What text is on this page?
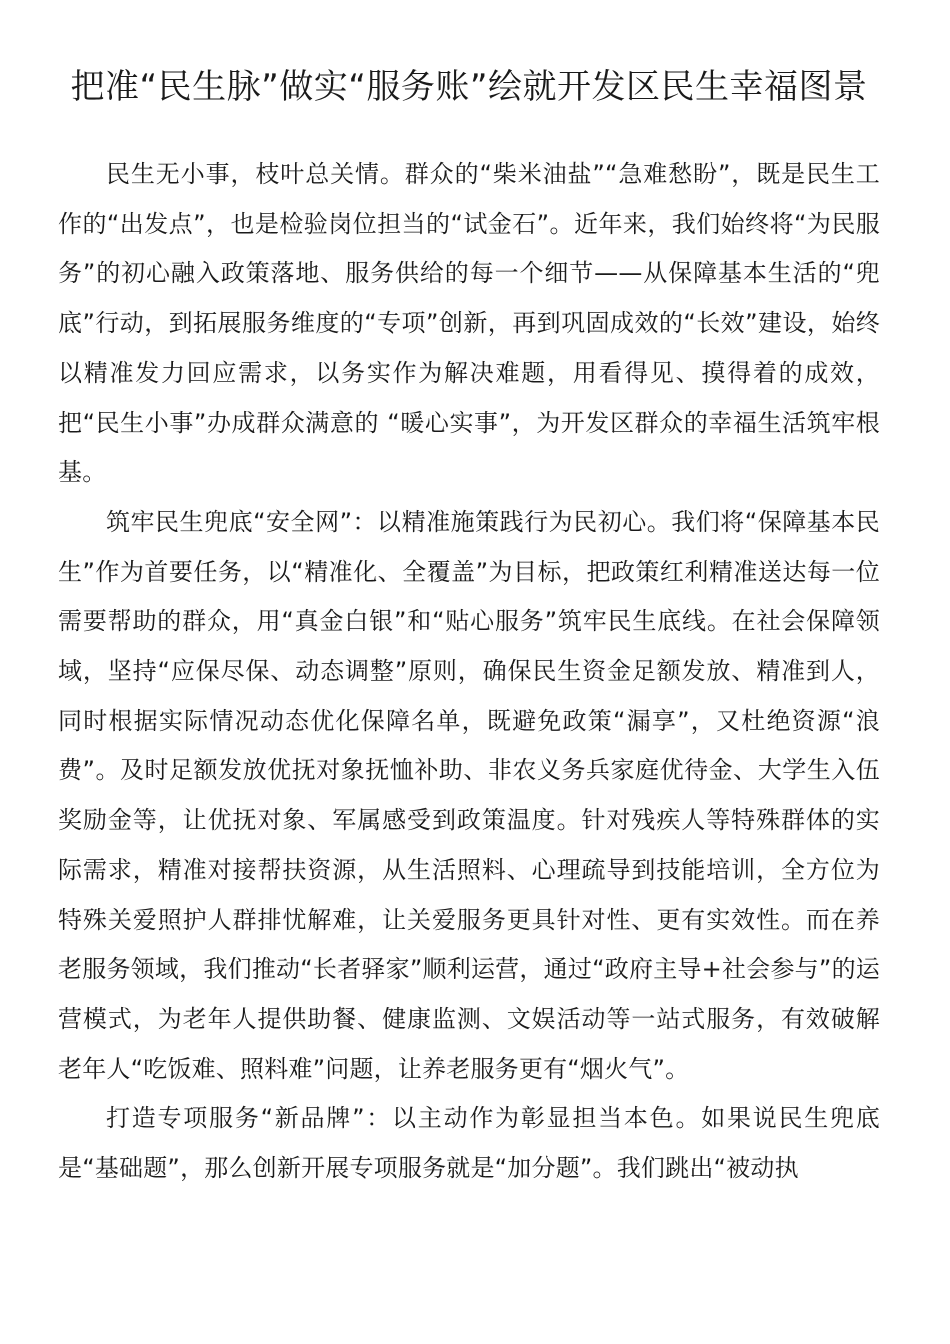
把准“民生脉”做实“服务账”绘就开发区民生幸福图景

民生无小事，枝叶总关情。群众的“柴米油盐”“急难愁盼”，既是民生工作的“出发点”，也是检验岗位担当的“试金石”。近年来，我们始终将“为民服务”的初心融入政策落地、服务供给的每一个细节——从保障基本生活的“兜底”行动，到拓展服务维度的“专项”创新，再到巩固成效的“长效”建设，始终以精准发力回应需求，以务实作为解决难题，用看得见、摸得着的成效，把“民生小事”办成群众满意的 “暖心实事”，为开发区群众的幸福生活筑牢根基。

筑牢民生兜底“安全网”：以精准施策践行为民初心。我们将“保障基本民生”作为首要任务，以“精准化、全覆盖”为目标，把政策红利精准送达每一位需要帮助的群众，用“真金白银”和“贴心服务”筑牢民生底线。在社会保障领域，坚持“应保尽保、动态调整”原则，确保民生资金足额发放、精准到人，同时根据实际情况动态优化保障名单，既避免政策“漏享”，又杜绝资源“浪费”。及时足额发放优抚对象抚恤补助、非农义务兵家庭优待金、大学生入伍奖励金等，让优抚对象、军属感受到政策温度。针对残疾人等特殊群体的实际需求，精准对接帮扶资源，从生活照料、心理疏导到技能培训，全方位为特殊关爱照护人群排忧解难，让关爱服务更具针对性、更有实效性。而在养老服务领域，我们推动“长者驿家”顺利运营，通过“政府主导+社会参与”的运营模式，为老年人提供助餐、健康监测、文娱活动等一站式服务，有效破解老年人“吃饭难、照料难”问题，让养老服务更有“烟火气”。

打造专项服务“新品牌”：以主动作为彰显担当本色。如果说民生兜底是“基础题”，那么创新开展专项服务就是“加分题”。我们跳出“被动执
